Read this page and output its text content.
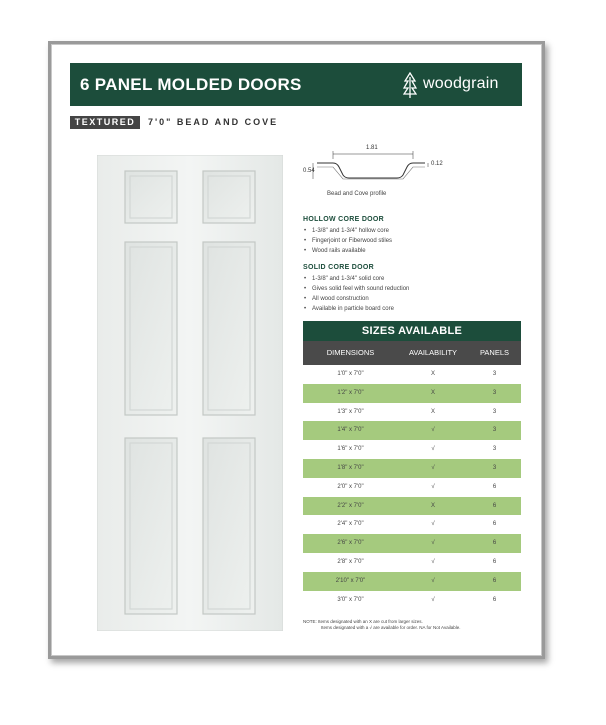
6 PANEL MOLDED DOORS	woodgrain
TEXTURED	7'0" BEAD AND COVE
1.81
0.12
0.54
Bead and Cove profile
HOLLOW CORE DOOR
• 1-3/8" and 1-3/4" hollow core
• Fingerjoint or Fiberwood stiles
• Wood rails available
SOLID CORE DOOR
• 1-3/8" and 1-3/4" solid core
• Gives solid feel with sound reduction
• All wood construction
• Available in particle board core
SIZES AVAILABLE
DIMENSIONS	AVAILABILITY	PANELS
1'0" x 7'0"	X	3
1'2" x 7'0"	X	3
1'3" x 7'0"	X	3
1'4" x 7'0"	√	3
1'6" x 7'0"	√	3
1'8" x 7'0"	√	3
2'0" x 7'0"	√	6
2'2" x 7'0"	X	6
2'4" x 7'0"	√	6
2'6" x 7'0"	√	6
2'8" x 7'0"	√	6
2'10" x 7'0"	√	6
3'0" x 7'0"	√	6
NOTE: Items designated with an X are cut from larger sizes.
Items designated with a √ are available for order. NA for Not Available.
